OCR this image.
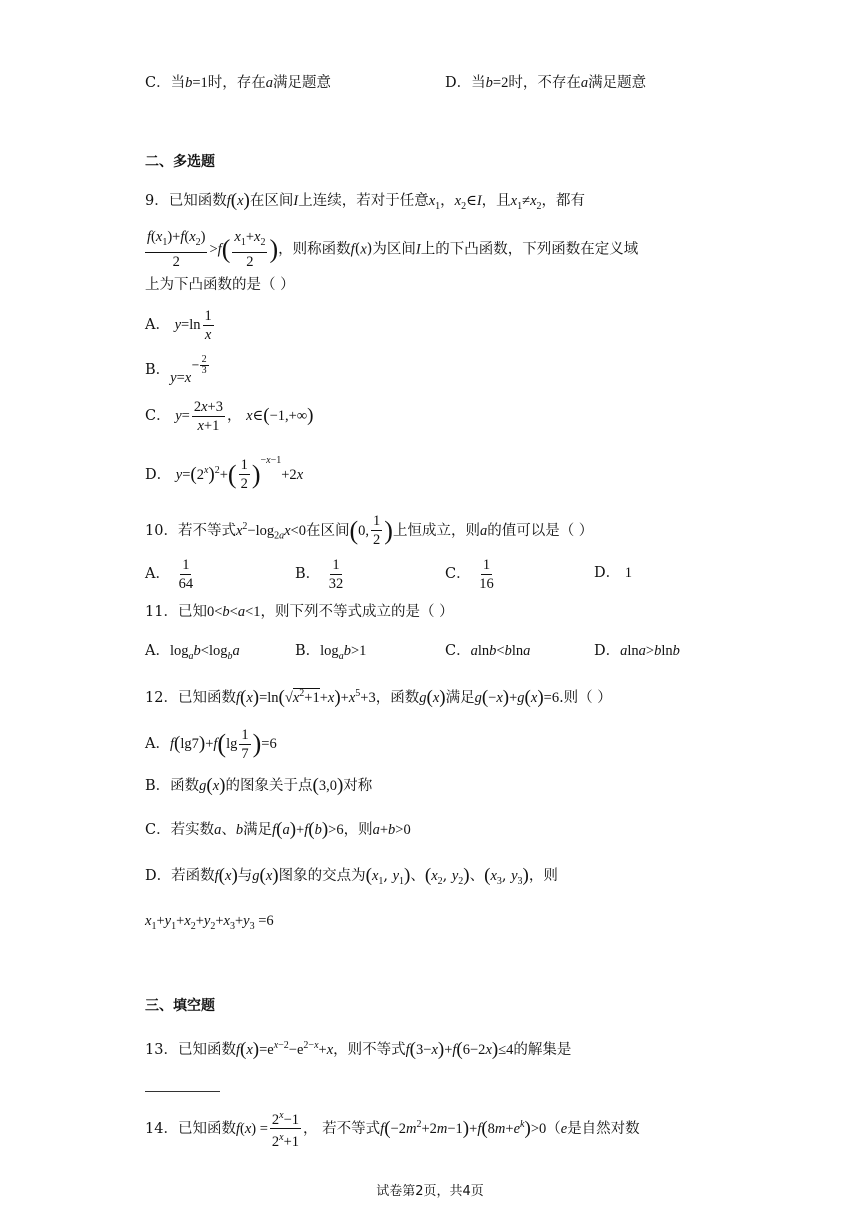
C．当b=1时，存在a满足题意	D．当b=2时，不存在a满足题意
二、多选题
9．已知函数f(x)在区间I上连续，若对于任意$x_1$，$x_2\in I$，且$x_1\ne x_2$，都有
$\frac{f(x_1)+f(x_2)}{2} >f( \frac{x_1+x_2}{2}$ )，则称函数f(x)为区间I上的下凸函数，下列函数在定义域
上为下凸函数的是（ ）
A． $y=\ln \frac{1}{x}$
B．$y=x^{- \frac{2}{3}}$
C． $y= \frac{2x+3}{x+1}$ ， x∈(−1,+∞)
D． $y=(2^x)^2+( \frac{1}{2} )^{-x-1}+2x$
10．若不等式$x^2-\log_{2a}x<0$在区间(0, $\frac{1}{2}$ )上恒成立，则a的值可以是（ ）
A． $\frac{1}{64}$	B． $\frac{1}{32}$	C． $\frac{1}{16}$	D． 1
11．已知0<b<a<1，则下列不等式成立的是（ ）
A．$\log_ab<\log_ba$	B．$\log_ab>1$	C．alnb<blna	D．alna>blnb
12．已知函数$f(x)=\ln(√x^2+1+x)+x^5+3$，函数g(x)满足g(−x)+g(x)=6.则（ ）
A．$f(\lg 7)+f(\lg \frac{1}{7} )=6$
B．函数g(x)的图象关于点(3,0)对称
C．若实数a、b满足f(a)+f(b)>6，则a+b>0
D．若函数f(x)与g(x)图象的交点为($x_1$, $y_1$)、($x_2$, $y_2$)、($x_3$, $y_3$)，则
$x_1+y_1+x_2+y_2+x_3+y_3 =6$
三、填空题
13．已知函数$f(x)=e^{x-2}-e^{2-x}+x$，则不等式f(3−x)+f(6−2x)≤4的解集是
14．已知函数$f(x) = \frac{2^x-1}{2^x+1}$ ， 若不等式$f(-2m^2+2m-1)+f(8m+e^k)>0(e$是自然对数
试卷第2页，共4页
